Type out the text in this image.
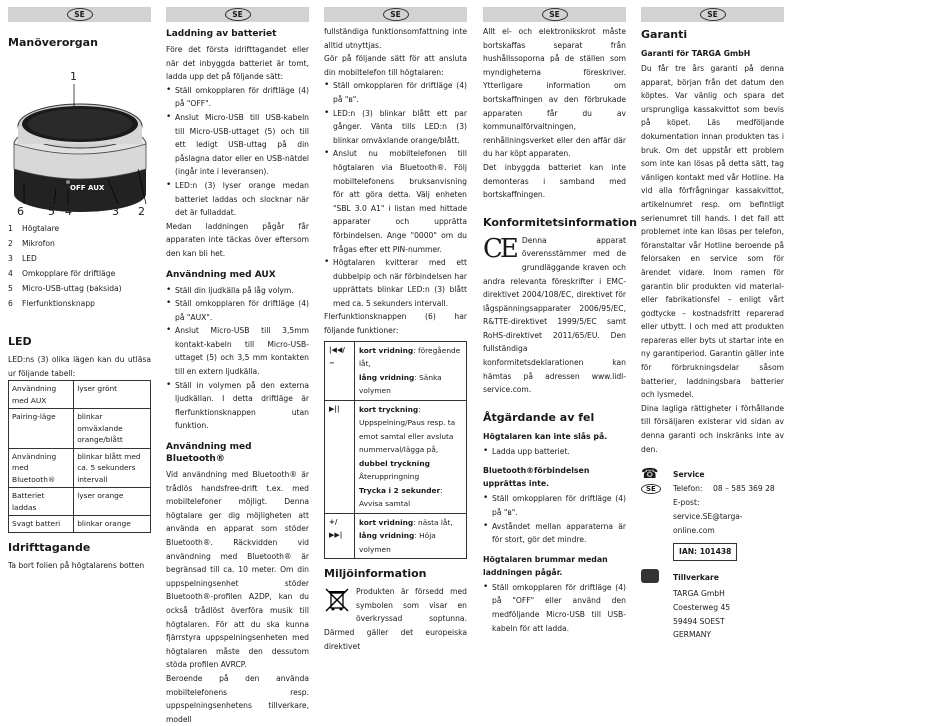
SE
Manöverorgan
1
6 5 4	3 2
OFF AUX
1	Högtalare
2	Mikrofon
3	LED
4	Omkopplare för driftläge
5	Micro-USB-uttag (baksida)
6	Flerfunktionsknapp
LED

LED:ns (3) olika lägen kan du utläsa ur följande tabell:

Användning med AUX	lyser grönt
Pairing-läge	blinkar omväxlande orange/blått
Användning med Bluetooth®	blinkar blått med ca. 5 sekunders intervall
Batteriet laddas	lyser orange
Svagt batteri	blinkar orange
Idrifttagande

Ta bort folien på högtalarens botten

SE
Laddning av batteriet

Före det första idrifttagandet eller när det inbyggda batteriet är tomt, ladda upp det på följande sätt:

• Ställ omkopplaren för driftläge (4) på "OFF".
• Anslut Micro-USB till USB-kabeln till Micro-USB-uttaget (5) och till ett ledigt USB-uttag på din påslagna dator eller en USB-nätdel (ingår inte i leveransen).
• LED:n (3) lyser orange medan batteriet laddas och slocknar när det är fulladdat.

Medan laddningen pågår får apparaten inte täckas över eftersom den kan bli het.

Användning med AUX
• Ställ din ljudkälla på låg volym.
• Ställ omkopplaren för driftläge (4) på "AUX".
• Anslut Micro-USB till 3,5mm kontakt-kabeln till Micro-USB-uttaget (5) och 3,5 mm kontakten till en extern ljudkälla.
• Ställ in volymen på den externa ljudkällan. I detta driftläge är flerfunktionsknappen utan funktion.
Användning med Bluetooth®

Vid användning med Bluetooth® är trådlös handsfree-drift t.ex. med mobiltelefoner möjligt. Denna högtalare ger dig möjligheten att använda en apparat som stöder Bluetooth®. Räckvidden vid användning med Bluetooth® är begränsad till ca. 10 meter. Om din uppspelningsenhet stöder Bluetooth®-profilen A2DP, kan du också trådlöst överföra musik till högtalaren. För att du ska kunna fjärrstyra uppspelningsenheten med högtalaren måste den dessutom stöda profilen AVRCP.

Beroende på den använda mobiltelefonens resp. uppspelningsenhetens tillverkare, modell

SE

fullständiga funktionsomfattning inte alltid utnyttjas.

Gör på följande sätt för att ansluta din mobiltelefon till högtalaren:

• Ställ omkopplaren för driftläge (4) på "ʙ".
• LED:n (3) blinkar blått ett par gånger. Vänta tills LED:n (3) blinkar omväxlande orange/blått.
• Anslut nu mobiltelefonen till högtalaren via Bluetooth®. Följ mobiltelefonens bruksanvisning för att göra detta. Välj enheten "SBL 3.0 A1" i listan med hittade apparater och upprätta förbindelsen. Ange "0000" om du frågas efter ett PIN-nummer.
• Högtalaren kvitterar med ett dubbelpip och när förbindelsen har upprättats blinkar LED:n (3) blått med ca. 5 sekunders intervall.

Flerfunktionsknappen (6) har följande funktioner:

|◀◀/−	kort vridning: föregående låt,
lång vridning: Sänka volymen

▶||	kort tryckning: Uppspelning/Paus resp. ta emot samtal eller avsluta nummerval/lägga på,
dubbel tryckning Återuppringning
Trycka i 2 sekunder: Avvisa samtal

+/▶▶|	kort vridning: nästa låt,
lång vridning: Höja volymen
Miljöinformation

Produkten är försedd med symbolen som visar en överkryssad soptunna. Därmed gäller det europeiska direktivet

SE

Allt el- och elektronikskrot måste bortskaffas separat från hushållssoporna på de ställen som myndigheterna föreskriver. Ytterligare information om bortskaffningen av den förbrukade apparaten får du av kommunalförvaltningen, renhållningsverket eller den affär där du har köpt apparaten.

Det inbyggda batteriet kan inte demonteras i samband med bortskaffningen.

Konformitetsinformation
CE Denna apparat överensstämmer med de grundläggande kraven och andra relevanta föreskrifter i EMC-direktivet 2004/108/EC, direktivet för lågspänningsapparater 2006/95/EC, R&TTE-direktivet 1999/5/EC samt RoHS-direktivet 2011/65/EU. Den fullständiga konformitetsdeklarationen kan hämtas på adressen www.lidl-service.com.

Åtgärdande av fel
Högtalaren kan inte slås på.
• Ladda upp batteriet.
Bluetooth®förbindelsen upprättas inte.
• Ställ omkopplaren för driftläge (4) på "ʙ".
• Avståndet mellan apparaterna är för stort, gör det mindre.
Högtalaren brummar medan laddningen pågår.
• Ställ omkopplaren för driftläge (4) på "OFF" eller använd den medföljande Micro-USB till USB-kabeln för att ladda.
SE
Garanti
Garanti för TARGA GmbH

Du får tre års garanti på denna apparat, början från det datum den köptes. Var vänlig och spara det ursprungliga kassakvittot som bevis på köpet. Läs medföljande dokumentation innan produkten tas i bruk. Om det uppstår ett problem som inte kan lösas på detta sätt, tag vänligen kontakt med vår Hotline. Ha vid alla förfrågningar kassakvittot, artikelnumret resp. om befintligt serienumret till hands. I det fall att problemet inte kan lösas per telefon, föranstaltar vår Hotline beroende på felorsaken en service som för ärendet vidare. Inom ramen för garantin blir produkten vid material- eller fabrikationsfel – enligt vårt godtycke – kostnadsfritt reparerad eller utbytt. I och med att produkten repareras eller byts ut startar inte en ny garantiperiod. Garantin gäller inte för förbrukningsdelar såsom batterier, laddningsbara batterier och lysmedel.

Dina lagliga rättigheter i förhållande till försäljaren existerar vid sidan av denna garanti och inskränks inte av den.

☎	Service
SE	Telefon:	08 – 585 369 28
E-post:
service.SE@targa-online.com
IAN: 101438
Tillverkare
TARGA GmbH
Coesterweg 45
59494 SOEST
GERMANY
